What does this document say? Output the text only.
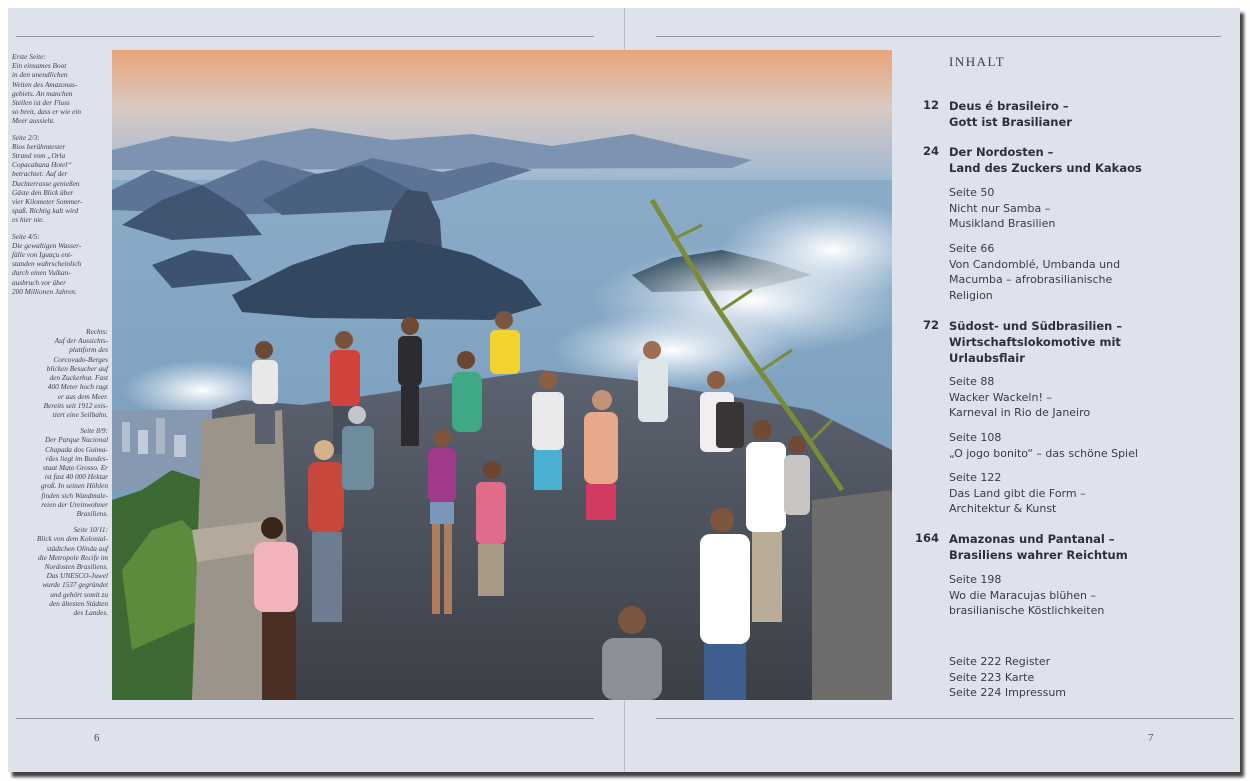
Erste Seite:
Ein einsames Boot
in den unendlichen
Weiten des Amazonas-
gebiets. An manchen
Stellen ist der Fluss
so breit, dass er wie ein
Meer aussieht.
Seite 2/3:
Rios berühmtester
Strand vom „Orla
Copacabana Hotel“
betrachtet: Auf der
Dachterrasse genießen
Gäste den Blick über
vier Kilometer Sommer-
spaß. Richtig kalt wird
es hier nie.
Seite 4/5:
Die gewaltigen Wasser-
fälle von Iguaçu ent-
standen wahrscheinlich
durch einen Vulkan-
ausbruch vor über
200 Millionen Jahren.
Rechts:
Auf der Aussichts-
plattform des
Corcovado-Berges
blicken Besucher auf
den Zuckerhut. Fast
400 Meter hoch ragt
er aus dem Meer.
Bereits seit 1912 exis-
tiert eine Seilbahn.
Seite 8/9:
Der Parque Nacional
Chapada dos Guima-
rães liegt im Bundes-
staat Mato Grosso. Er
ist fast 40 000 Hektar
groß. In seinen Höhlen
finden sich Wandmale-
reien der Ureinwohner
Brasiliens.
Seite 10/11:
Blick von dem Kolonial-
städtchen Olinda auf
die Metropole Recife im
Nordosten Brasiliens.
Das UNESCO-Juwel
wurde 1537 gegründet
und gehört somit zu
den ältesten Städten
des Landes.
INHALT
12 Deus é brasileiro –
Gott ist Brasilianer
24 Der Nordosten –
Land des Zuckers und Kakaos
Seite 50
Nicht nur Samba –
Musikland Brasilien
Seite 66
Von Candomblé, Umbanda und
Macumba – afrobrasilianische
Religion
72 Südost- und Südbrasilien –
Wirtschaftslokomotive mit
Urlaubsflair
Seite 88
Wacker Wackeln! –
Karneval in Rio de Janeiro
Seite 108
„O jogo bonito“ – das schöne Spiel
Seite 122
Das Land gibt die Form –
Architektur & Kunst
164 Amazonas und Pantanal –
Brasiliens wahrer Reichtum
Seite 198
Wo die Maracujas blühen –
brasilianische Köstlichkeiten
Seite 222 Register
Seite 223 Karte
Seite 224 Impressum
6	7
